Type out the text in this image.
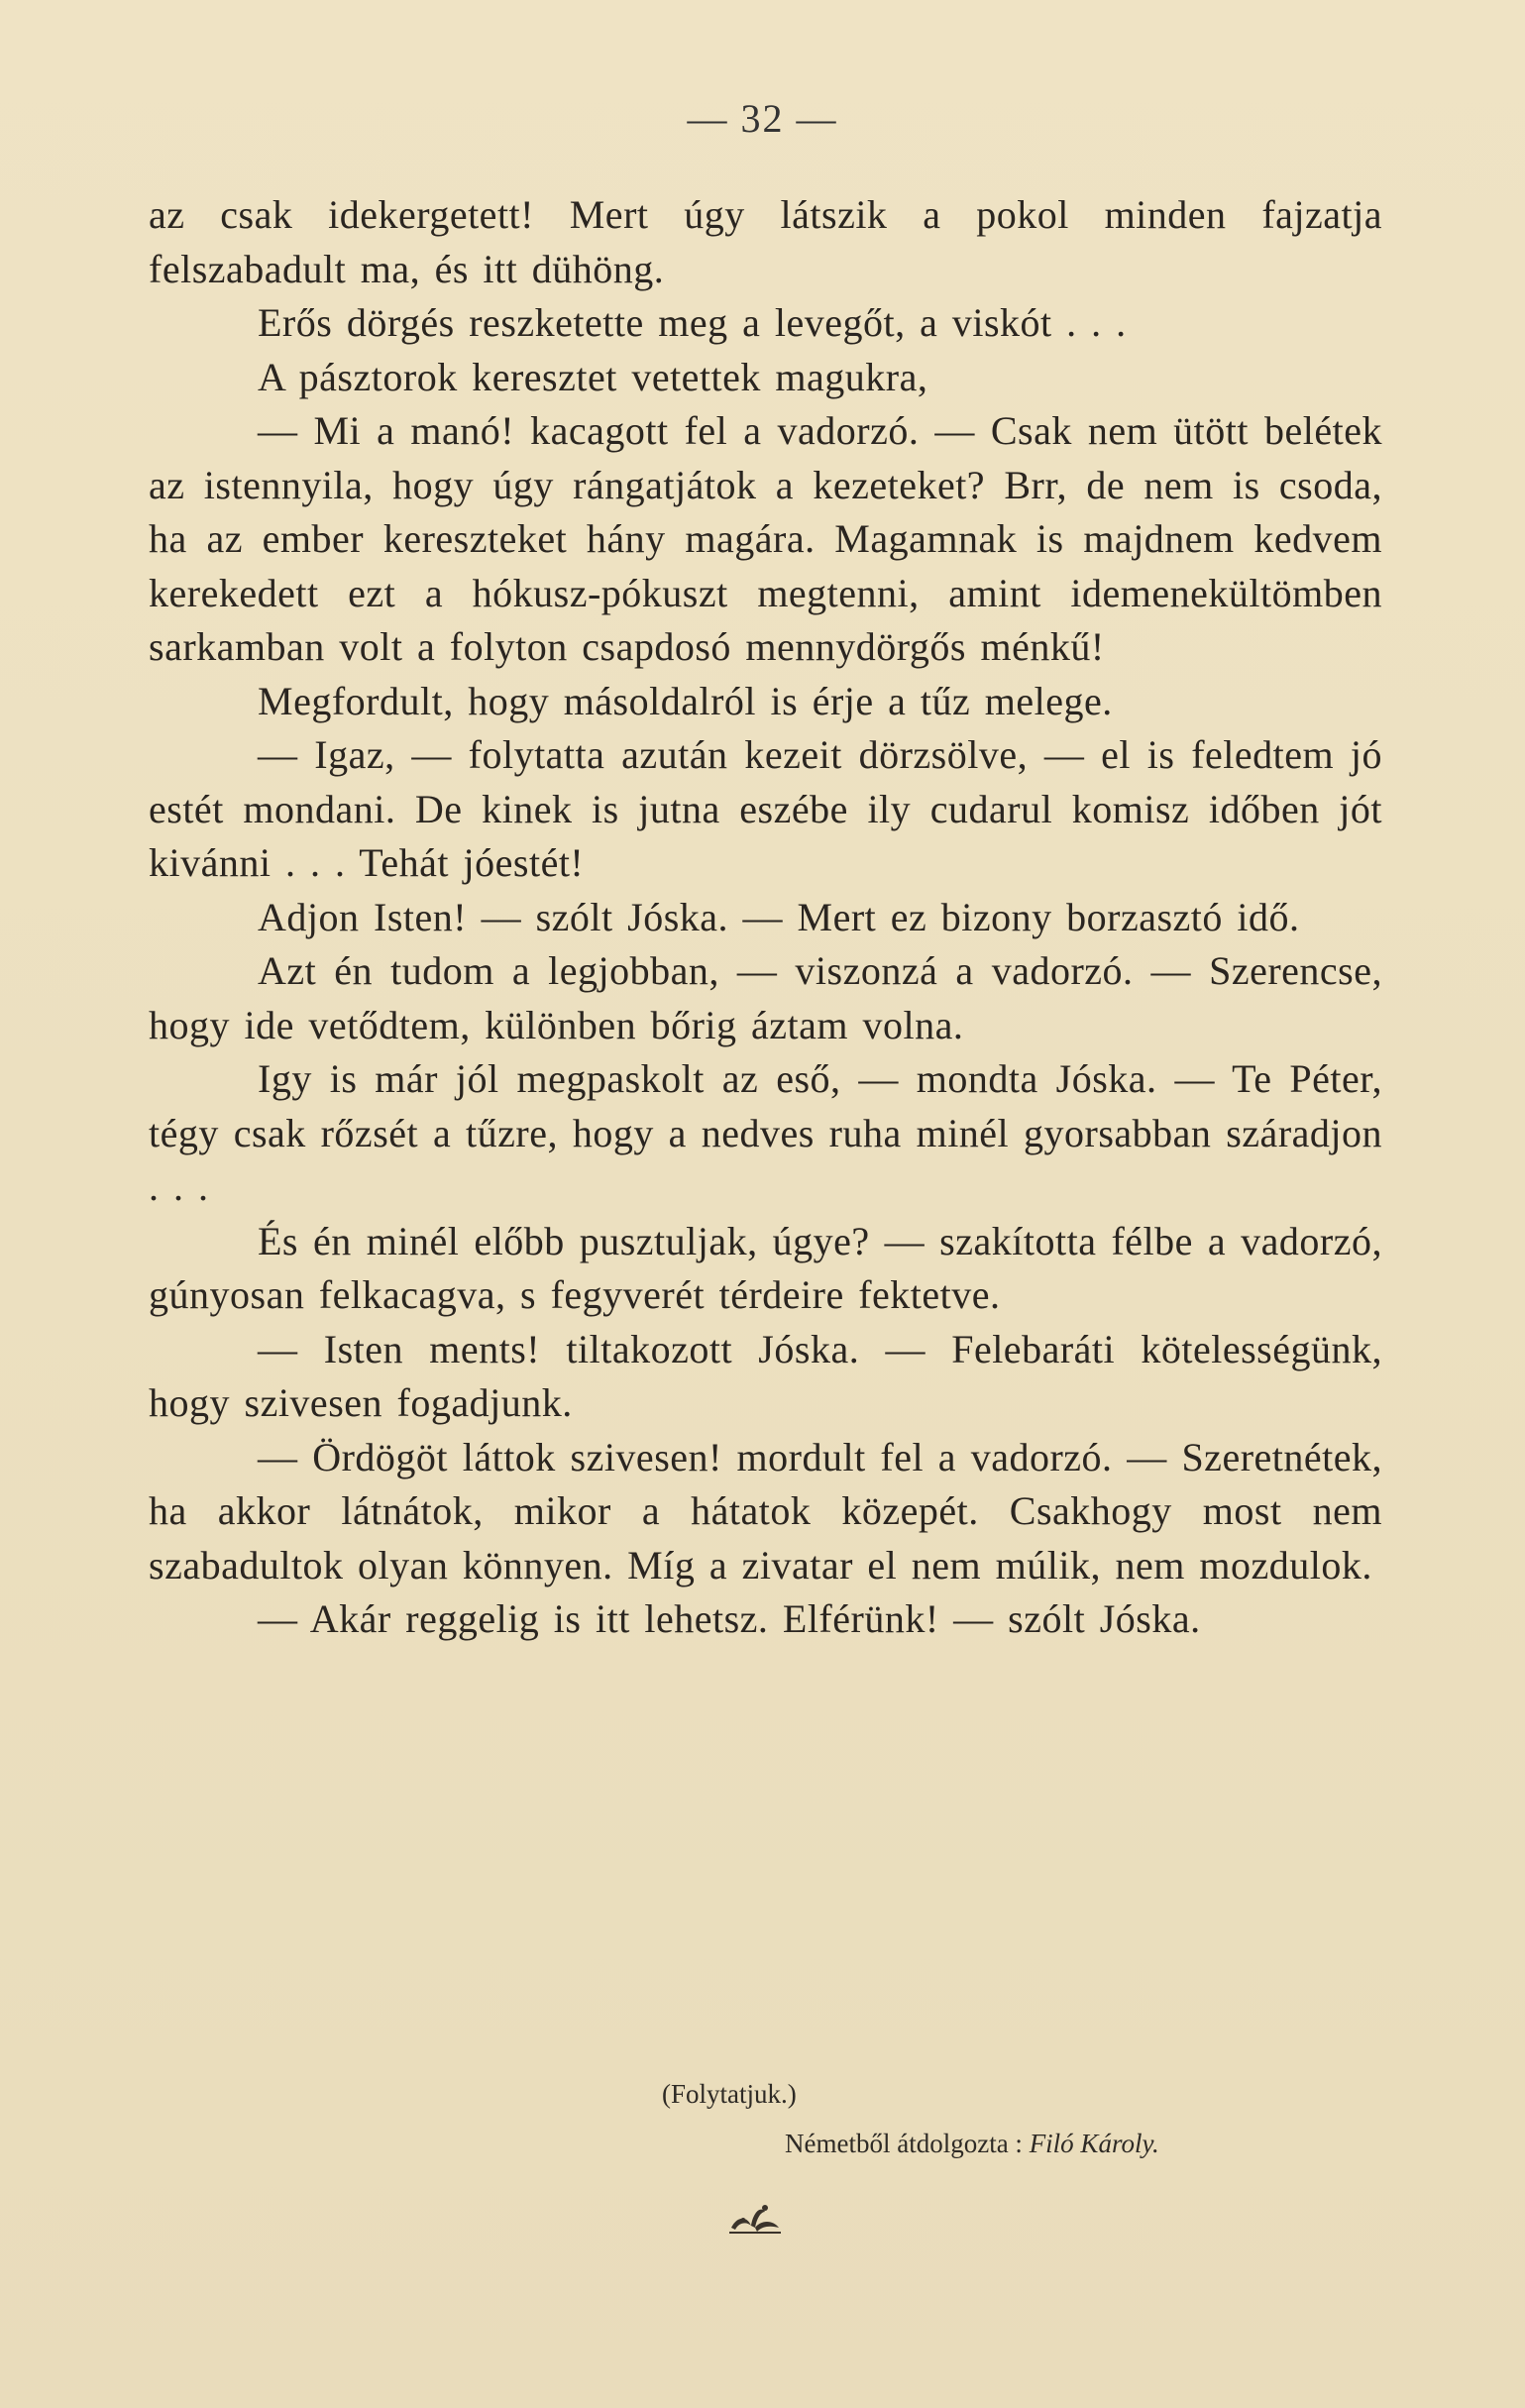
— 32 —

az csak idekergetett! Mert úgy látszik a pokol minden fajzatja felszabadult ma, és itt dühöng.

Erős dörgés reszketette meg a levegőt, a viskót . . .

A pásztorok keresztet vetettek magukra,

— Mi a manó! kacagott fel a vadorzó. — Csak nem ütött belétek az istennyila, hogy úgy rángatjátok a kezeteket? Brr, de nem is csoda, ha az ember kereszteket hány magára. Magamnak is majdnem kedvem kerekedett ezt a hókusz-pókuszt megtenni, amint idemenekültömben sarkamban volt a folyton csapdosó mennydörgős ménkű!

Megfordult, hogy másoldalról is érje a tűz melege.

— Igaz, — folytatta azután kezeit dörzsölve, — el is feledtem jó estét mondani. De kinek is jutna eszébe ily cudarul komisz időben jót kivánni . . . Tehát jóestét!

Adjon Isten! — szólt Jóska. — Mert ez bizony borzasztó idő.

Azt én tudom a legjobban, — viszonzá a vadorzó. — Szerencse, hogy ide vetődtem, különben bőrig áztam volna.

Igy is már jól megpaskolt az eső, — mondta Jóska. — Te Péter, tégy csak rőzsét a tűzre, hogy a nedves ruha minél gyorsabban száradjon . . .

És én minél előbb pusztuljak, úgye? — szakította félbe a vadorzó, gúnyosan felkacagva, s fegyverét térdeire fektetve.

— Isten ments! tiltakozott Jóska. — Felebaráti kötelességünk, hogy szivesen fogadjunk.

— Ördögöt láttok szivesen! mordult fel a vadorzó. — Szeretnétek, ha akkor látnátok, mikor a hátatok közepét. Csakhogy most nem szabadultok olyan könnyen. Míg a zivatar el nem múlik, nem mozdulok.

— Akár reggelig is itt lehetsz. Elférünk! — szólt Jóska.

(Folytatjuk.)
Németből átdolgozta : Filó Károly.
